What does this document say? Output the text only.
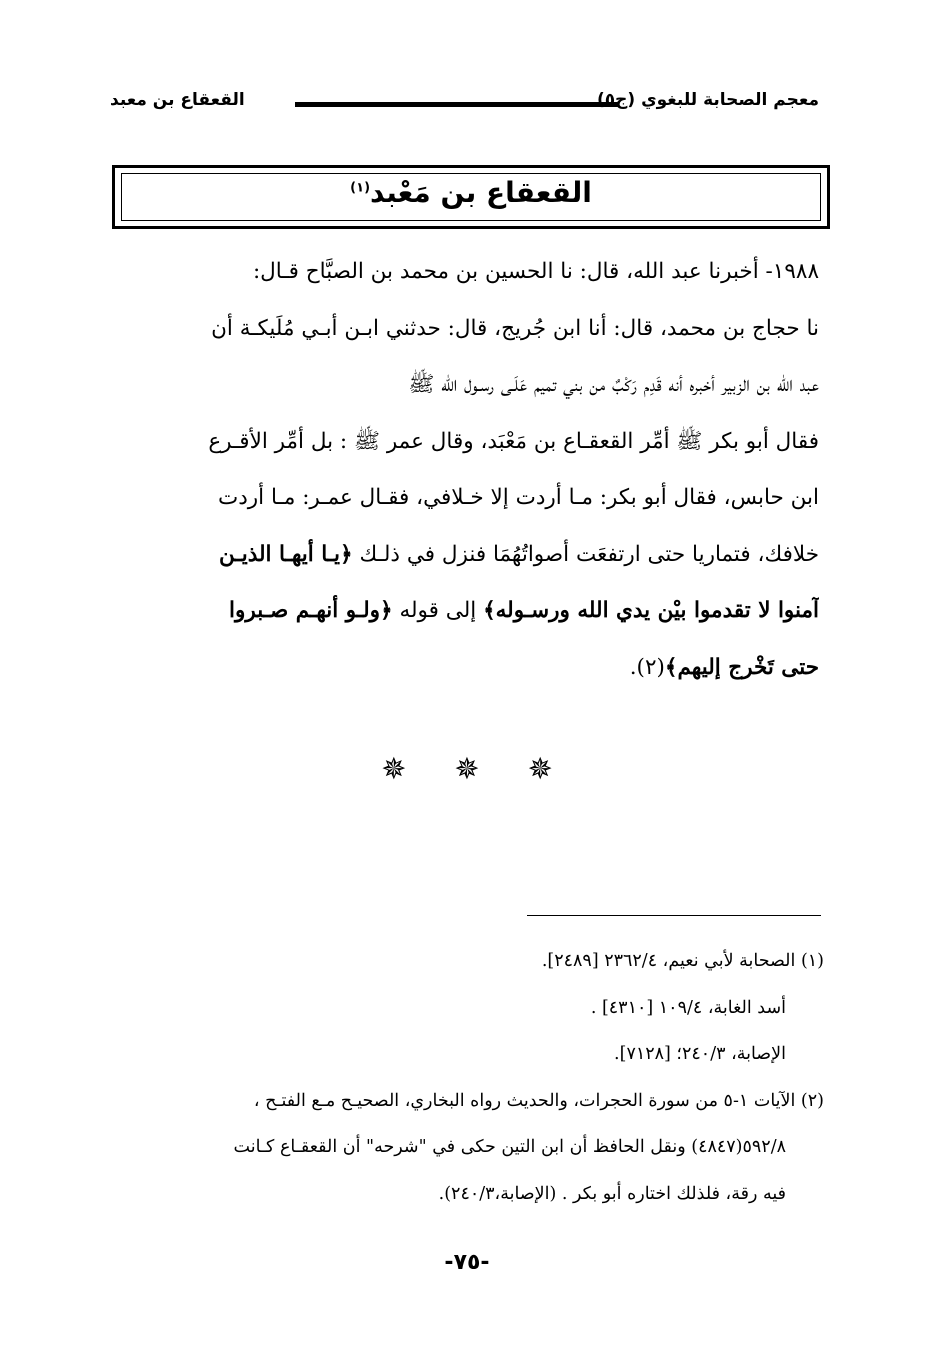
معجم الصحابة للبغوي (ج٥)
القعقاع بن معبد
القعقاع بن مَعْبد$^{(١)}$
١٩٨٨- أخبرنا عبد الله، قال: نا الحسين بن محمد بن الصبَّاح قـال:
نا حجاج بن محمد، قال: أنا ابن جُريج، قال: حدثني ابـن أبـي مُلَيكـة أن
عبد الله بن الزبير أخبره أنه قَدِم رَكْبٌ من بني تميم عَلَـى رسـول الله ﷺ
فقال أبو بكر ﷺ أمِّر القعقـاع بن مَعْبَد، وقال عمر ﷺ : بل أمِّر الأقـرع
ابن حابس، فقال أبو بكر: مـا أردت إلا خـلافي، فقـال عمـر: مـا أردت
خلافك، فتماريا حتى ارتفعَت أصواتُهُمَا فنزل في ذلـك ﴿يـا أيهـا الذيـن
آمنوا لا تقدموا بيْن يدي الله ورسـوله﴾ إلى قوله ﴿ولـو أنهـم صـبروا
حتى تَخْرج إليهم﴾(٢).
✵✵✵
(١) الصحابة لأبي نعيم، ٢٣٦٢/٤ [٢٤٨٩].
أسد الغابة، ١٠٩/٤ [٤٣١٠] .
الإصابة، ٢٤٠/٣؛ [٧١٢٨].
(٢) الآيات ١-٥ من سورة الحجرات، والحديث رواه البخاري، الصحيـح مـع الفتـح ،
٥٩٢/٨(٤٨٤٧) ونقل الحافظ أن ابن التين حكى في "شرحه" أن القعقـاع كـانت
فيه رقة، فلذلك اختاره أبو بكر . (الإصابة،٢٤٠/٣).
-٧٥-
